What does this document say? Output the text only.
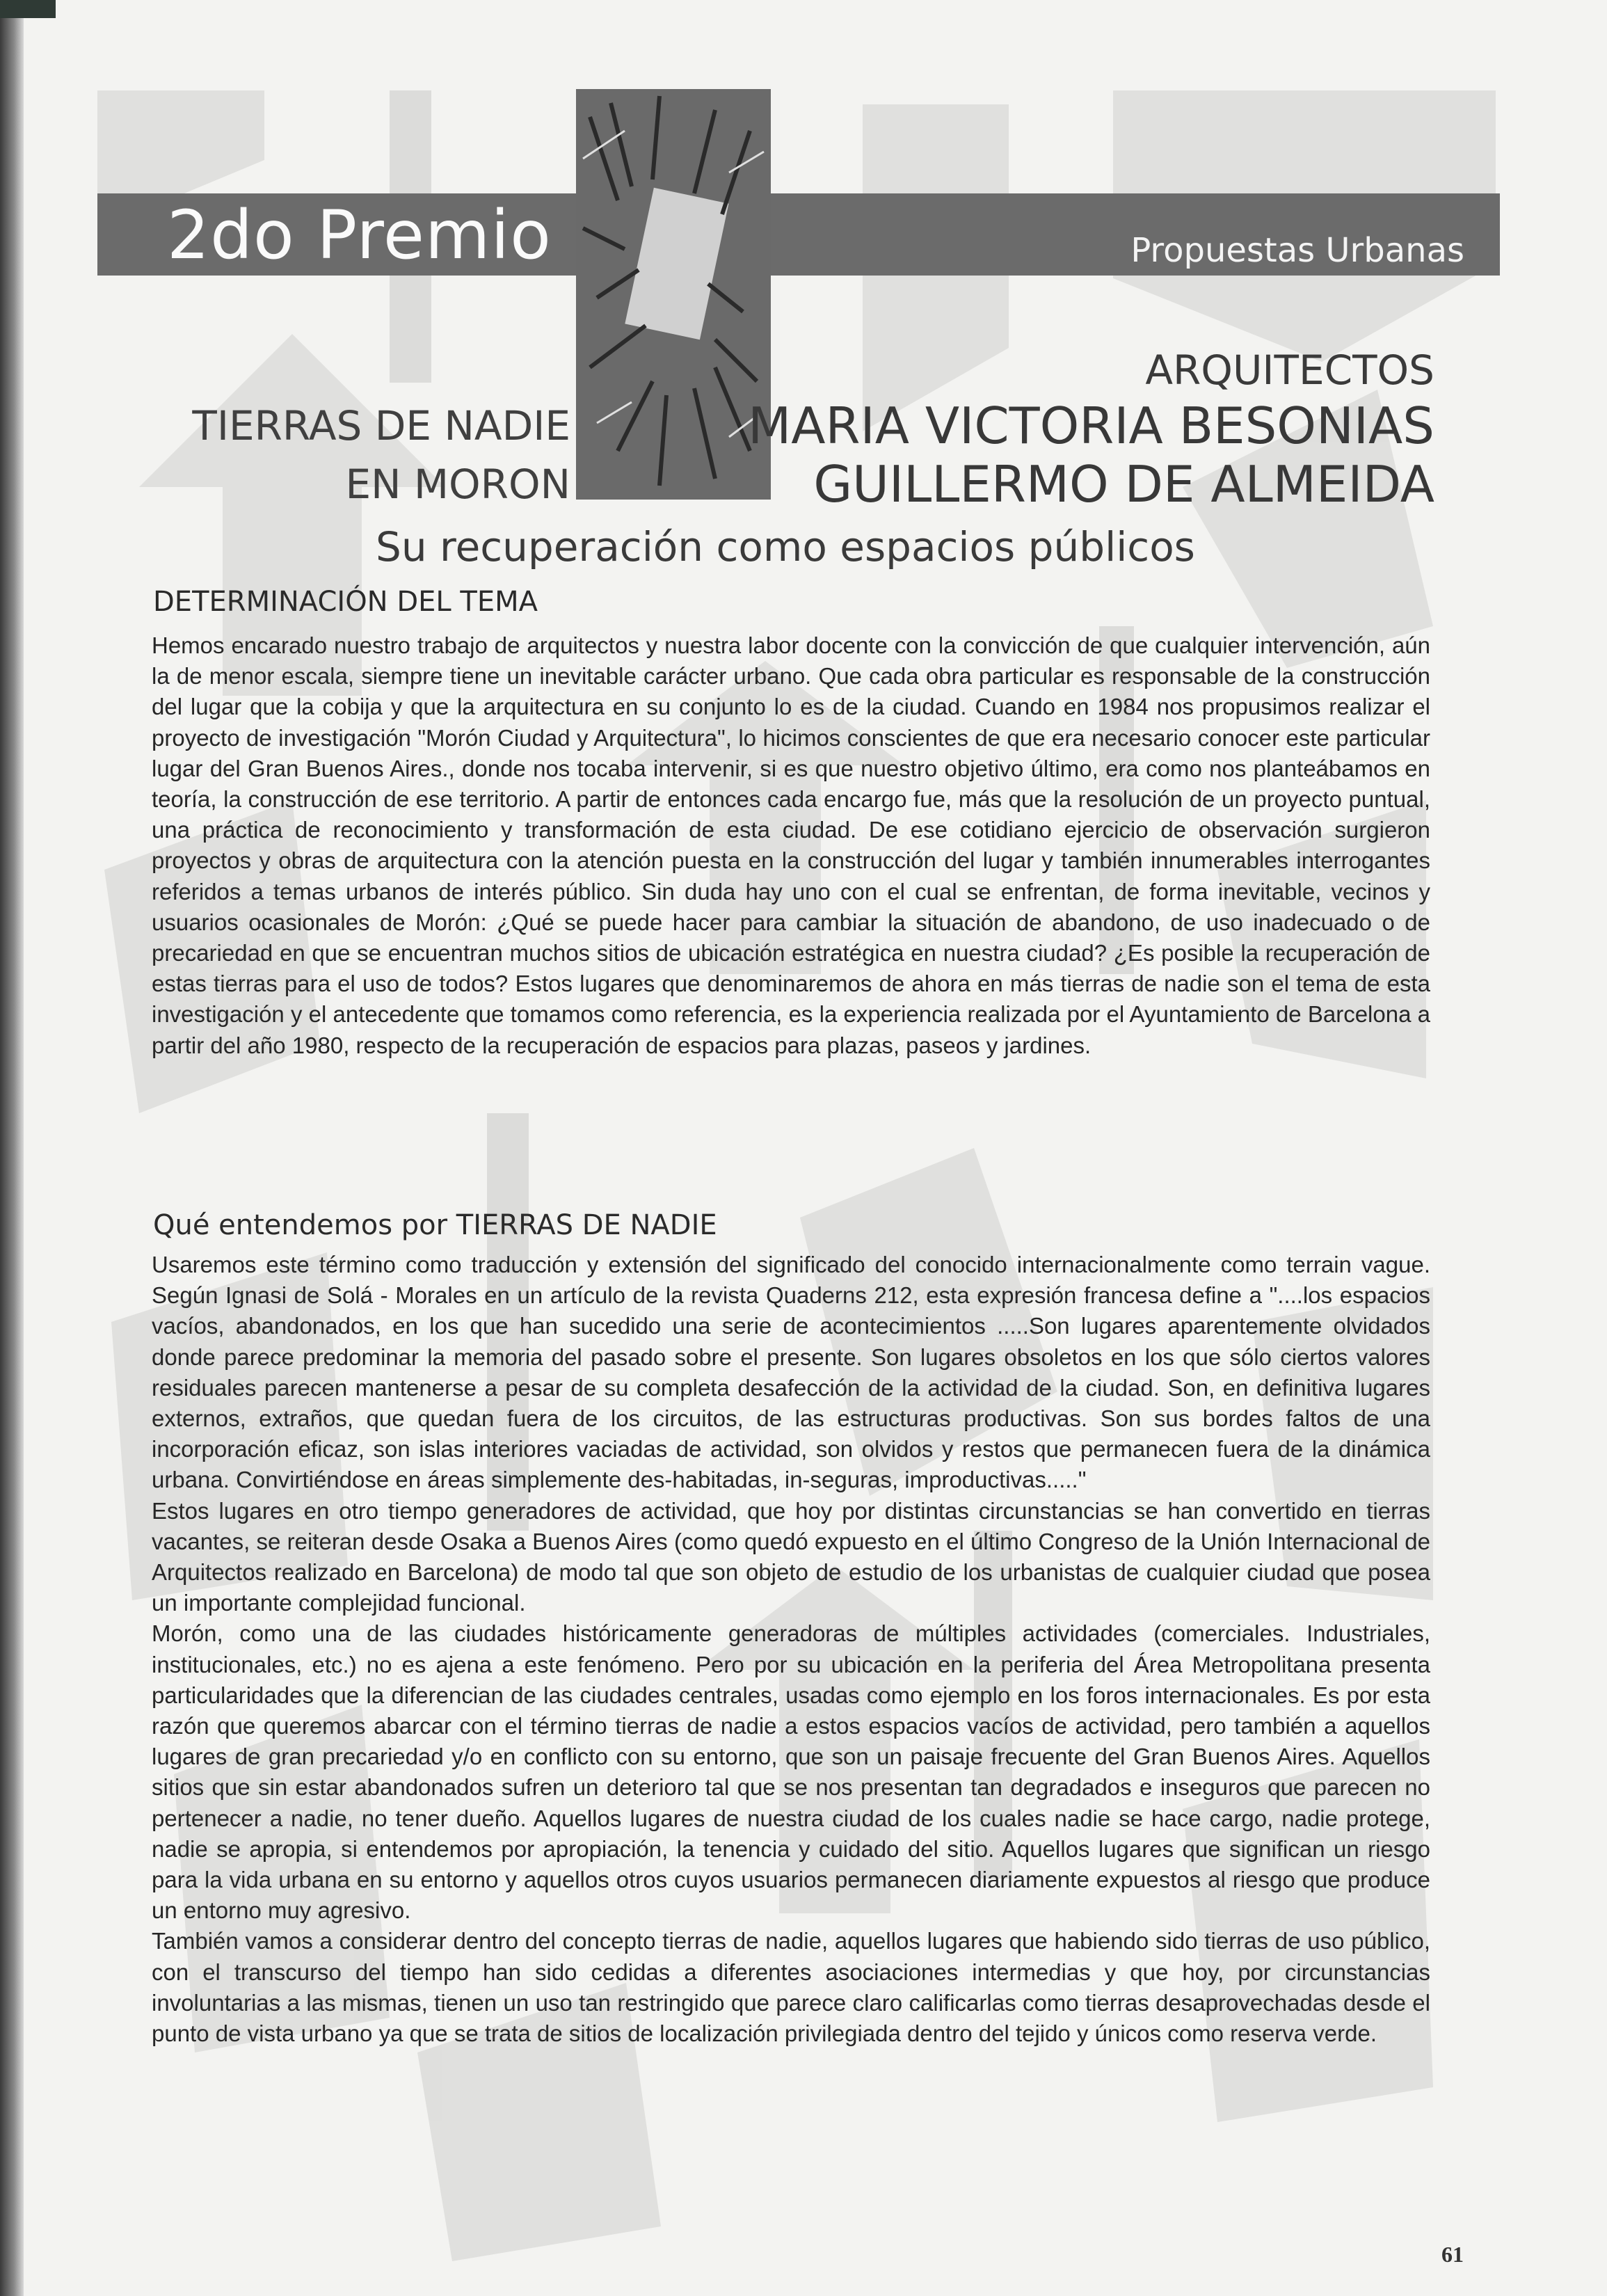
2do Premio	Propuestas Urbanas
TIERRAS DE NADIE
EN MORON
ARQUITECTOS
MARIA VICTORIA BESONIAS
GUILLERMO DE ALMEIDA
Su recuperación como espacios públicos
DETERMINACIÓN DEL TEMA

Hemos encarado nuestro trabajo de arquitectos y nuestra labor docente con la convicción de que cualquier intervención, aún la de menor escala, siempre tiene un inevitable carácter urbano. Que cada obra particular es responsable de la construcción del lugar que la cobija y que la arquitectura en su conjunto lo es de la ciudad. Cuando en 1984 nos propusimos realizar el proyecto de investigación "Morón Ciudad y Arquitectura", lo hicimos conscientes de que era necesario conocer este particular lugar del Gran Buenos Aires., donde nos tocaba intervenir, si es que nuestro objetivo último, era como nos planteábamos en teoría, la construcción de ese territorio. A partir de entonces cada encargo fue, más que la resolución de un proyecto puntual, una práctica de reconocimiento y transformación de esta ciudad. De ese cotidiano ejercicio de observación surgieron proyectos y obras de arquitectura con la atención puesta en la construcción del lugar y también innumerables interrogantes referidos a temas urbanos de interés público. Sin duda hay uno con el cual se enfrentan, de forma inevitable, vecinos y usuarios ocasionales de Morón: ¿Qué se puede hacer para cambiar la situación de abandono, de uso inadecuado o de precariedad en que se encuentran muchos sitios de ubicación estratégica en nuestra ciudad? ¿Es posible la recuperación de estas tierras para el uso de todos? Estos lugares que denominaremos de ahora en más tierras de nadie son el tema de esta investigación y el antecedente que tomamos como referencia, es la experiencia realizada por el Ayuntamiento de Barcelona a partir del año 1980, respecto de la recuperación de espacios para plazas, paseos y jardines.

Qué entendemos por TIERRAS DE NADIE

Usaremos este término como traducción y extensión del significado del conocido internacionalmente como terrain vague. Según Ignasi de Solá - Morales en un artículo de la revista Quaderns 212, esta expresión francesa define a "....los espacios vacíos, abandonados, en los que han sucedido una serie de acontecimientos .....Son lugares aparentemente olvidados donde parece predominar la memoria del pasado sobre el presente. Son lugares obsoletos en los que sólo ciertos valores residuales parecen mantenerse a pesar de su completa desafección de la actividad de la ciudad. Son, en definitiva lugares externos, extraños, que quedan fuera de los circuitos, de las estructuras productivas. Son sus bordes faltos de una incorporación eficaz, son islas interiores vaciadas de actividad, son olvidos y restos que permanecen fuera de la dinámica urbana. Convirtiéndose en áreas simplemente des-habitadas, in-seguras, improductivas....."

Estos lugares en otro tiempo generadores de actividad, que hoy por distintas circunstancias se han convertido en tierras vacantes, se reiteran desde Osaka a Buenos Aires (como quedó expuesto en el último Congreso de la Unión Internacional de Arquitectos realizado en Barcelona) de modo tal que son objeto de estudio de los urbanistas de cualquier ciudad que posea un importante complejidad funcional.

Morón, como una de las ciudades históricamente generadoras de múltiples actividades (comerciales. Industriales, institucionales, etc.) no es ajena a este fenómeno. Pero por su ubicación en la periferia del Área Metropolitana presenta particularidades que la diferencian de las ciudades centrales, usadas como ejemplo en los foros internacionales. Es por esta razón que queremos abarcar con el término tierras de nadie a estos espacios vacíos de actividad, pero también a aquellos lugares de gran precariedad y/o en conflicto con su entorno, que son un paisaje frecuente del Gran Buenos Aires. Aquellos sitios que sin estar abandonados sufren un deterioro tal que se nos presentan tan degradados e inseguros que parecen no pertenecer a nadie, no tener dueño. Aquellos lugares de nuestra ciudad de los cuales nadie se hace cargo, nadie protege, nadie se apropia, si entendemos por apropiación, la tenencia y cuidado del sitio. Aquellos lugares que significan un riesgo para la vida urbana en su entorno y aquellos otros cuyos usuarios permanecen diariamente expuestos al riesgo que produce un entorno muy agresivo.

También vamos a considerar dentro del concepto tierras de nadie, aquellos lugares que habiendo sido tierras de uso público, con el transcurso del tiempo han sido cedidas a diferentes asociaciones intermedias y que hoy, por circunstancias involuntarias a las mismas, tienen un uso tan restringido que parece claro calificarlas como tierras desaprovechadas desde el punto de vista urbano ya que se trata de sitios de localización privilegiada dentro del tejido y únicos como reserva verde.

61
